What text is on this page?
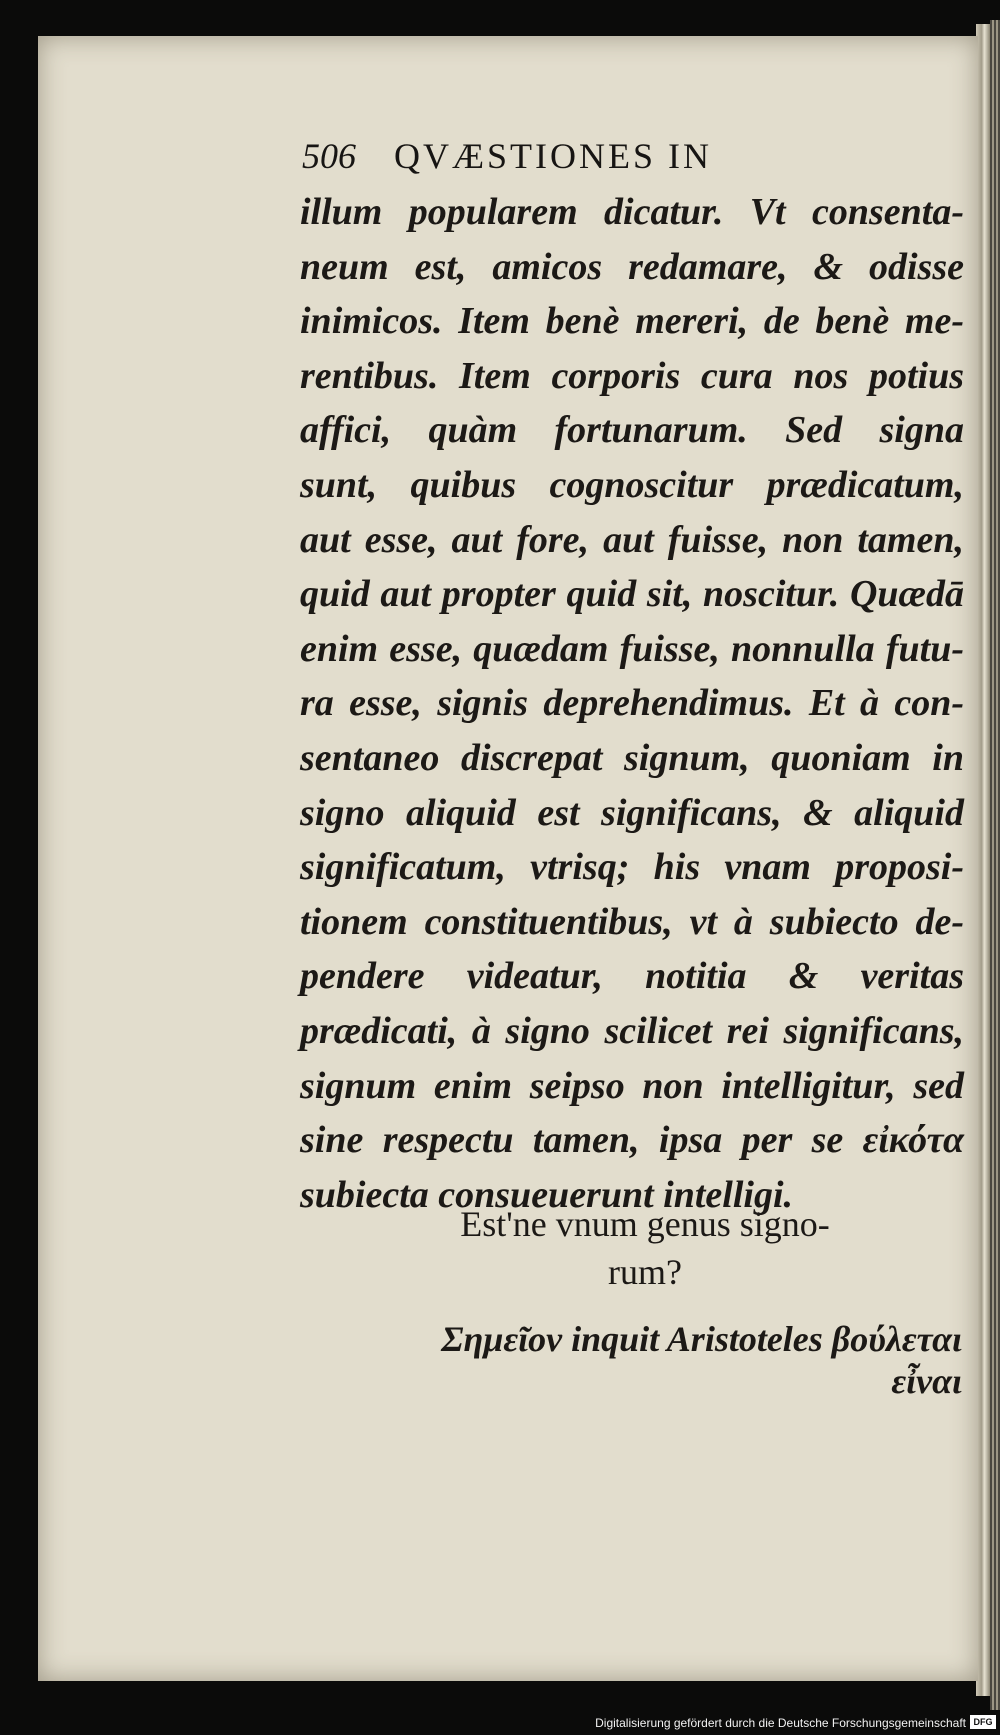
506 QVÆSTIONES IN
illum popularem dicatur. Vt consenta-
neum est, amicos redamare, & odisse
inimicos. Item benè mereri, de benè me-
rentibus. Item corporis cura nos potius
affici, quàm fortunarum. Sed signa
sunt, quibus cognoscitur prædicatum,
aut esse, aut fore, aut fuisse, non tamen,
quid aut propter quid sit, noscitur. Quædā
enim esse, quædam fuisse, nonnulla futu-
ra esse, signis deprehendimus. Et à con-
sentaneo discrepat signum, quoniam in
signo aliquid est significans, & aliquid
significatum, vtrisq; his vnam proposi-
tionem constituentibus, vt à subiecto de-
pendere videatur, notitia & veritas
prædicati, à signo scilicet rei significans,
signum enim seipso non intelligitur, sed
sine respectu tamen, ipsa per se εἰκότα
subiecta consueuerunt intelligi.
Est'ne vnum genus signo-
rum?
Σημεῖον inquit Aristoteles βούλεται
εἶναι
Digitalisierung gefördert durch die Deutsche Forschungsgemeinschaft DFG
